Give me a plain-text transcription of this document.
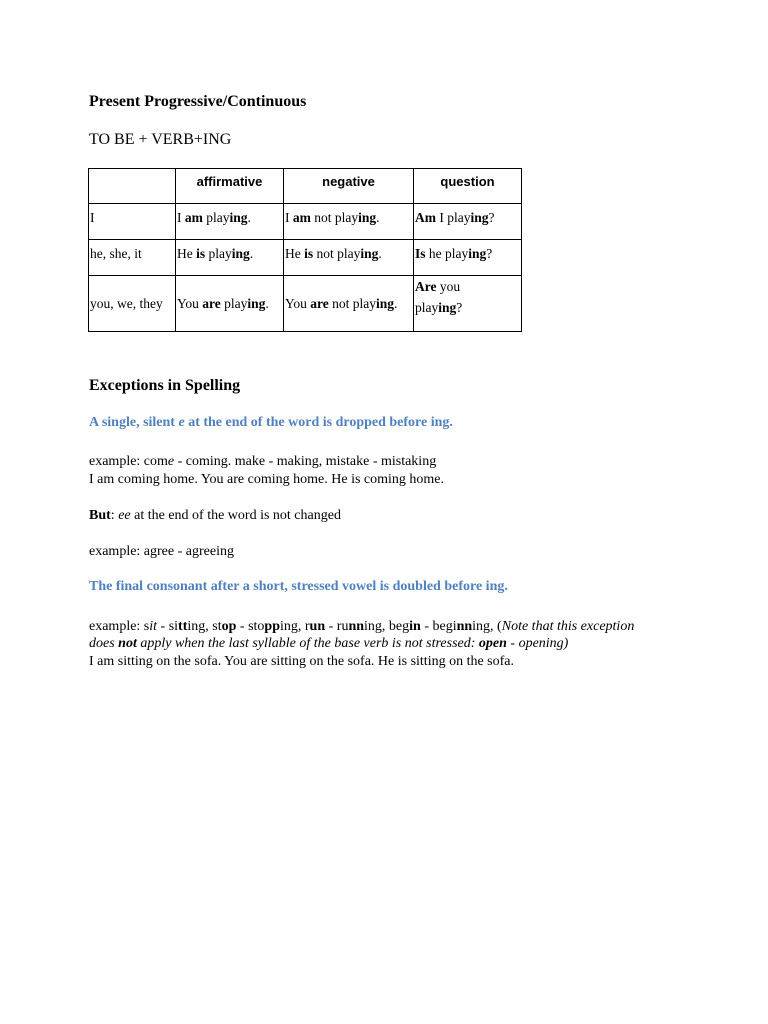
Present Progressive/Continuous
TO BE + VERB+ING
	affirmative	negative	question
I	I am playing.	I am not playing.	Am I playing?
he, she, it	He is playing.	He is not playing.	Is he playing?
you, we, they	You are playing.	You are not playing.	Are you
playing?
Exceptions in Spelling
A single, silent e at the end of the word is dropped before ing.
example: come - coming. make - making, mistake - mistaking
I am coming home. You are coming home. He is coming home.
But: ee at the end of the word is not changed
example: agree - agreeing
The final consonant after a short, stressed vowel is doubled before ing.
example: sit - sitting, stop - stopping, run - running, begin - beginning, (Note that this exception
does not apply when the last syllable of the base verb is not stressed: open - opening)
I am sitting on the sofa. You are sitting on the sofa. He is sitting on the sofa.
